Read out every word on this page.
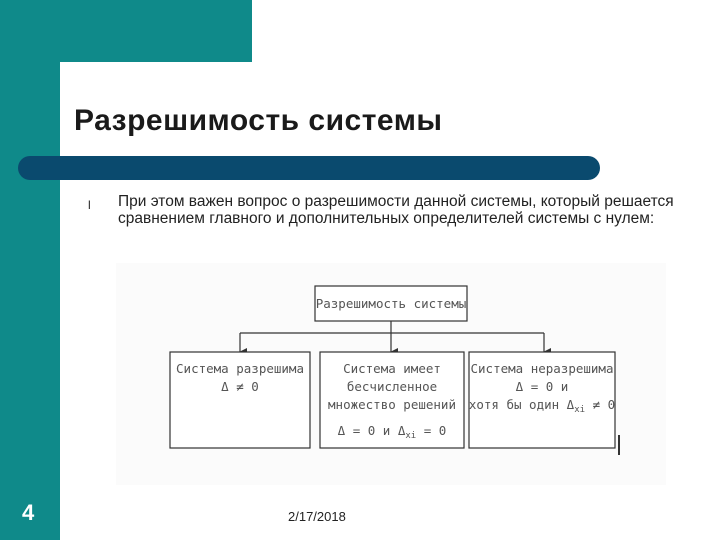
Разрешимость системы
l При этом важен вопрос о разрешимости данной системы, который решается сравнением главного и дополнительных определителей системы с нулем:

Разрешимость системы
Система разрешима
Δ ≠ 0
Система имеет
бесчисленное
множество решений
Δ = 0 и $\Delta_{xi} = 0$
Система неразрешима
Δ = 0 и
хотя бы один $\Delta_{xi} \ne 0$
4	2/17/2018
